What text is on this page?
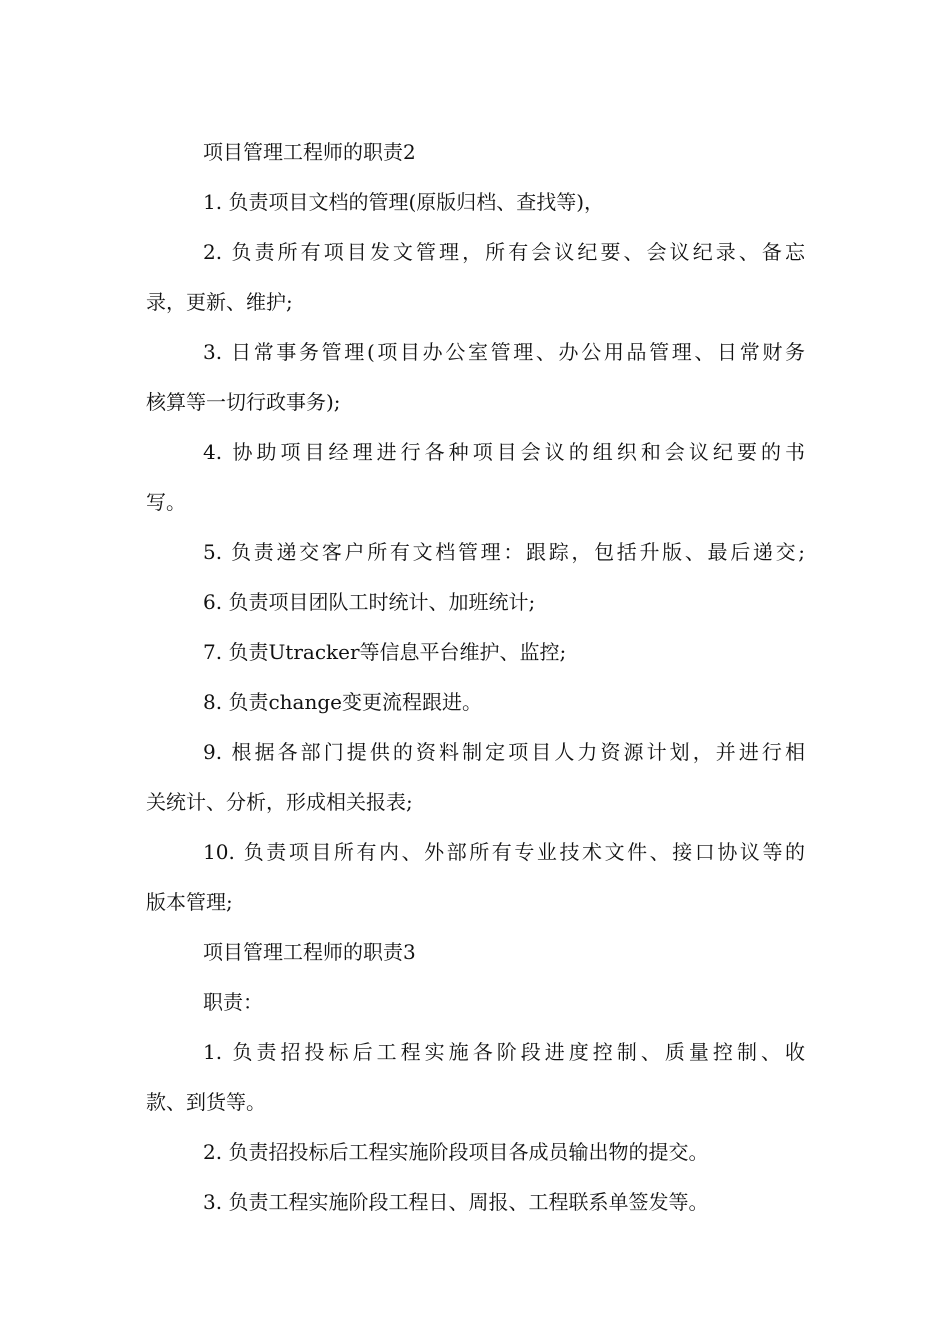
项目管理工程师的职责2
1. 负责项目文档的管理(原版归档、查找等)，
2. 负责所有项目发文管理，所有会议纪要、会议纪录、备忘
录，更新、维护;
3. 日常事务管理(项目办公室管理、办公用品管理、日常财务
核算等一切行政事务);
4. 协助项目经理进行各种项目会议的组织和会议纪要的书
写。
5. 负责递交客户所有文档管理：跟踪，包括升版、最后递交;
6. 负责项目团队工时统计、加班统计;
7. 负责Utracker等信息平台维护、监控;
8. 负责change变更流程跟进。
9. 根据各部门提供的资料制定项目人力资源计划，并进行相
关统计、分析，形成相关报表;
10. 负责项目所有内、外部所有专业技术文件、接口协议等的
版本管理;
项目管理工程师的职责3
职责：
1. 负责招投标后工程实施各阶段进度控制、质量控制、收
款、到货等。
2. 负责招投标后工程实施阶段项目各成员输出物的提交。
3. 负责工程实施阶段工程日、周报、工程联系单签发等。
